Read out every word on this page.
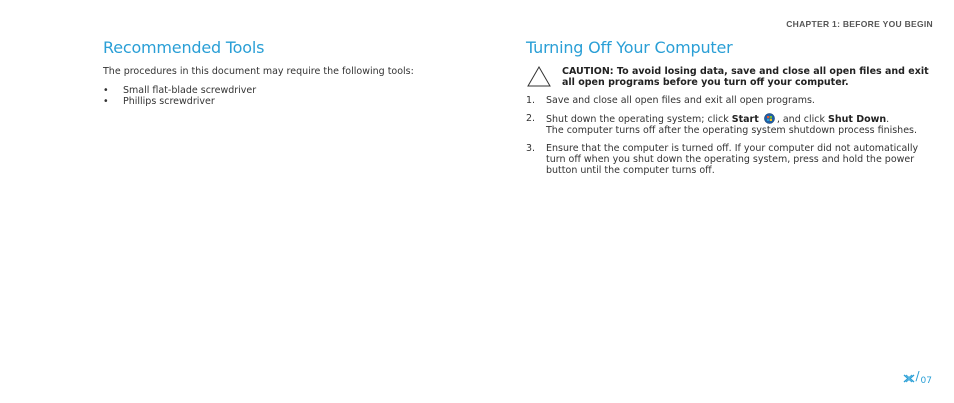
CHAPTER 1: BEFORE YOU BEGIN
Recommended Tools

The procedures in this document may require the following tools:

• Small flat-blade screwdriver
• Phillips screwdriver
Turning Off Your Computer
CAUTION: To avoid losing data, save and close all open files and exit all open programs before you turn off your computer.
1. Save and close all open files and exit all open programs.
2. Shut down the operating system; click Start , and click Shut Down.
The computer turns off after the operating system shutdown process finishes.
3. Ensure that the computer is turned off. If your computer did not automatically turn off when you shut down the operating system, press and hold the power button until the computer turns off.
/ 07
